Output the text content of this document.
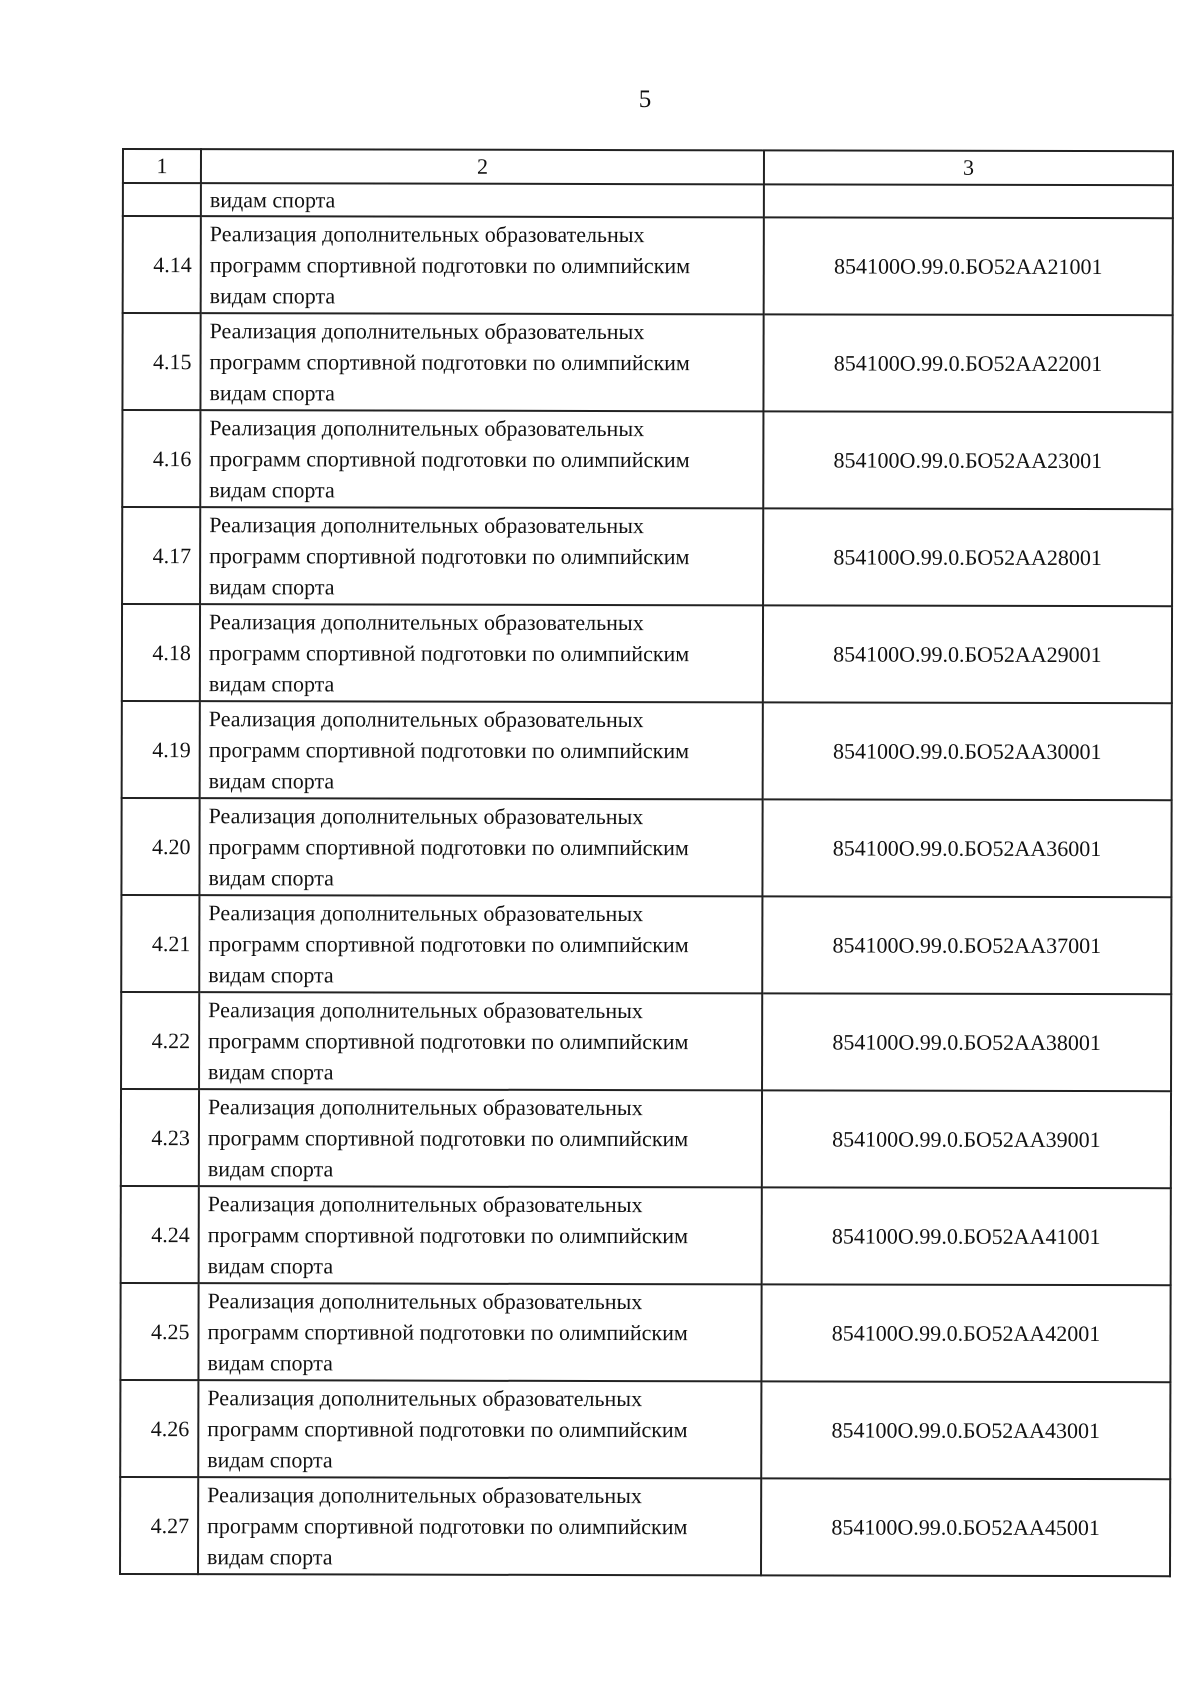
5
1	2	3
	видам спорта	
4.14	Реализация дополнительных образовательных
программ спортивной подготовки по олимпийским
видам спорта	854100О.99.0.БО52АА21001
4.15	Реализация дополнительных образовательных
программ спортивной подготовки по олимпийским
видам спорта	854100О.99.0.БО52АА22001
4.16	Реализация дополнительных образовательных
программ спортивной подготовки по олимпийским
видам спорта	854100О.99.0.БО52АА23001
4.17	Реализация дополнительных образовательных
программ спортивной подготовки по олимпийским
видам спорта	854100О.99.0.БО52АА28001
4.18	Реализация дополнительных образовательных
программ спортивной подготовки по олимпийским
видам спорта	854100О.99.0.БО52АА29001
4.19	Реализация дополнительных образовательных
программ спортивной подготовки по олимпийским
видам спорта	854100О.99.0.БО52АА30001
4.20	Реализация дополнительных образовательных
программ спортивной подготовки по олимпийским
видам спорта	854100О.99.0.БО52АА36001
4.21	Реализация дополнительных образовательных
программ спортивной подготовки по олимпийским
видам спорта	854100О.99.0.БО52АА37001
4.22	Реализация дополнительных образовательных
программ спортивной подготовки по олимпийским
видам спорта	854100О.99.0.БО52АА38001
4.23	Реализация дополнительных образовательных
программ спортивной подготовки по олимпийским
видам спорта	854100О.99.0.БО52АА39001
4.24	Реализация дополнительных образовательных
программ спортивной подготовки по олимпийским
видам спорта	854100О.99.0.БО52АА41001
4.25	Реализация дополнительных образовательных
программ спортивной подготовки по олимпийским
видам спорта	854100О.99.0.БО52АА42001
4.26	Реализация дополнительных образовательных
программ спортивной подготовки по олимпийским
видам спорта	854100О.99.0.БО52АА43001
4.27	Реализация дополнительных образовательных
программ спортивной подготовки по олимпийским
видам спорта	854100О.99.0.БО52АА45001
